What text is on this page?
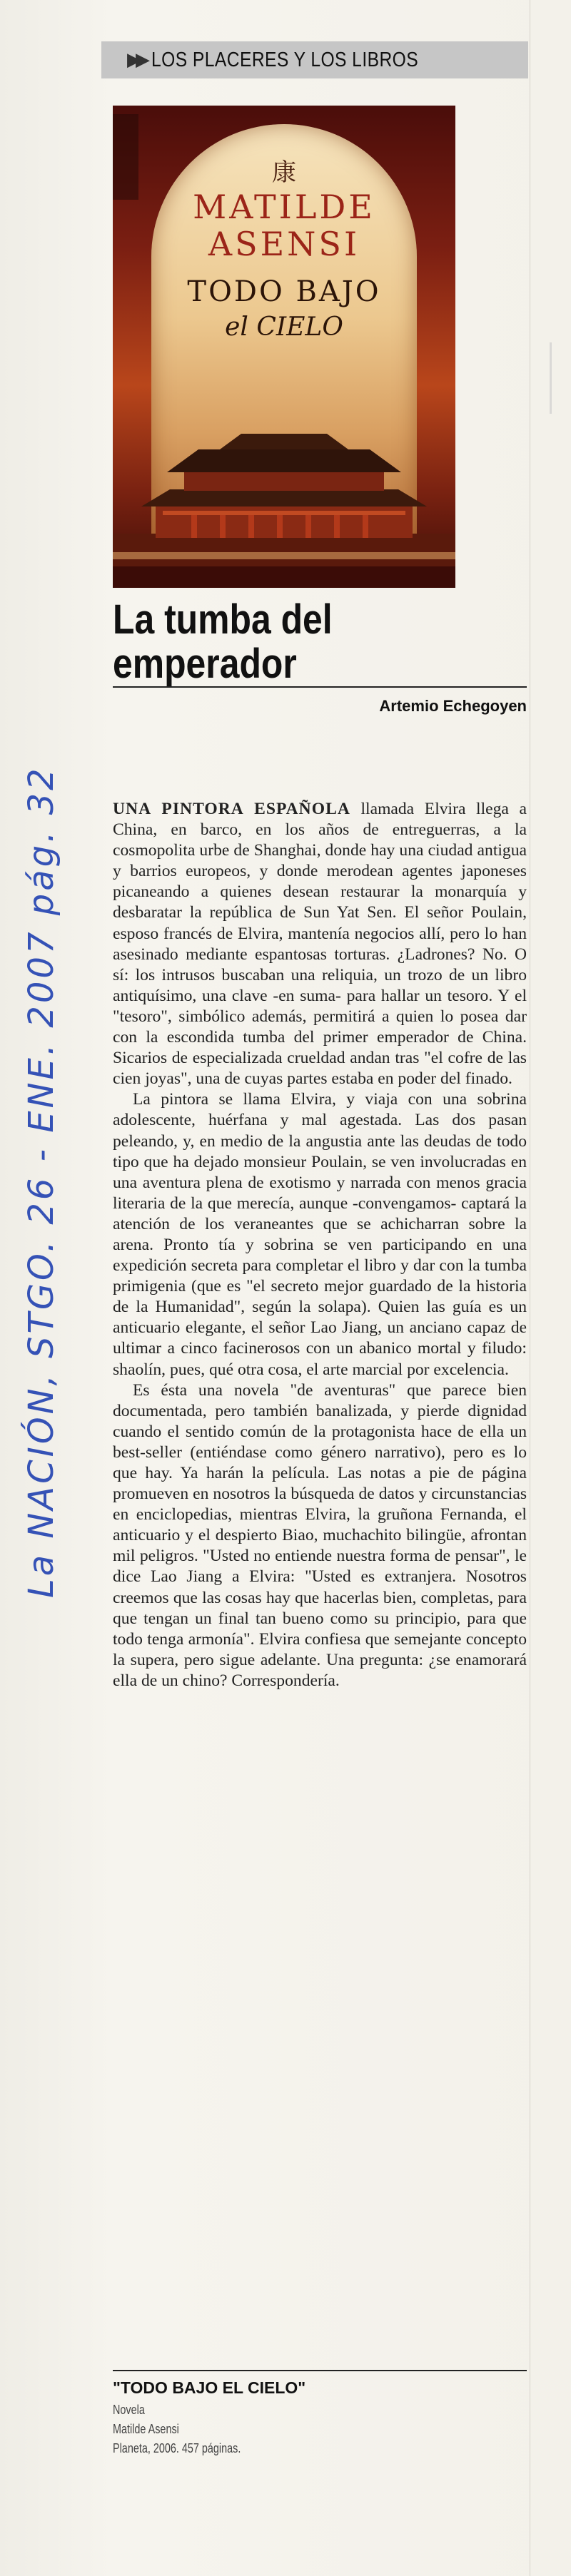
La NACIÓN, STGO. 26 - ENE. 2007 pág. 32
▶▶ LOS PLACERES Y LOS LIBROS
康
MATILDE
ASENSI
TODO BAJO
el CIELO
La tumba del
emperador
Artemio Echegoyen

UNA PINTORA ESPAÑOLA llamada Elvira llega a China, en barco, en los años de entreguerras, a la cosmopolita urbe de Shanghai, donde hay una ciudad antigua y barrios europeos, y donde merodean agentes japoneses picaneando a quienes desean restaurar la monarquía y desbaratar la república de Sun Yat Sen. El señor Poulain, esposo francés de Elvira, mantenía negocios allí, pero lo han asesinado mediante espantosas torturas. ¿Ladrones? No. O sí: los intrusos buscaban una reliquia, un trozo de un libro antiquísimo, una clave -en suma- para hallar un tesoro. Y el "tesoro", simbólico además, permitirá a quien lo posea dar con la escondida tumba del primer emperador de China. Sicarios de especializada crueldad andan tras "el cofre de las cien joyas", una de cuyas partes estaba en poder del finado.

La pintora se llama Elvira, y viaja con una sobrina adolescente, huérfana y mal agestada. Las dos pasan peleando, y, en medio de la angustia ante las deudas de todo tipo que ha dejado monsieur Poulain, se ven involucradas en una aventura plena de exotismo y narrada con menos gracia literaria de la que merecía, aunque -convengamos- captará la atención de los veraneantes que se achicharran sobre la arena. Pronto tía y sobrina se ven participando en una expedición secreta para completar el libro y dar con la tumba primigenia (que es "el secreto mejor guardado de la historia de la Humanidad", según la solapa). Quien las guía es un anticuario elegante, el señor Lao Jiang, un anciano capaz de ultimar a cinco facinerosos con un abanico mortal y filudo: shaolín, pues, qué otra cosa, el arte marcial por excelencia.

Es ésta una novela "de aventuras" que parece bien documentada, pero también banalizada, y pierde dignidad cuando el sentido común de la protagonista hace de ella un best-seller (entiéndase como género narrativo), pero es lo que hay. Ya harán la película. Las notas a pie de página promueven en nosotros la búsqueda de datos y circunstancias en enciclopedias, mientras Elvira, la gruñona Fernanda, el anticuario y el despierto Biao, muchachito bilingüe, afrontan mil peligros. "Usted no entiende nuestra forma de pensar", le dice Lao Jiang a Elvira: "Usted es extranjera. Nosotros creemos que las cosas hay que hacerlas bien, completas, para que tengan un final tan bueno como su principio, para que todo tenga armonía". Elvira confiesa que semejante concepto la supera, pero sigue adelante. Una pregunta: ¿se enamorará ella de un chino? Correspondería.

"TODO BAJO EL CIELO"
Novela
Matilde Asensi
Planeta, 2006. 457 páginas.
